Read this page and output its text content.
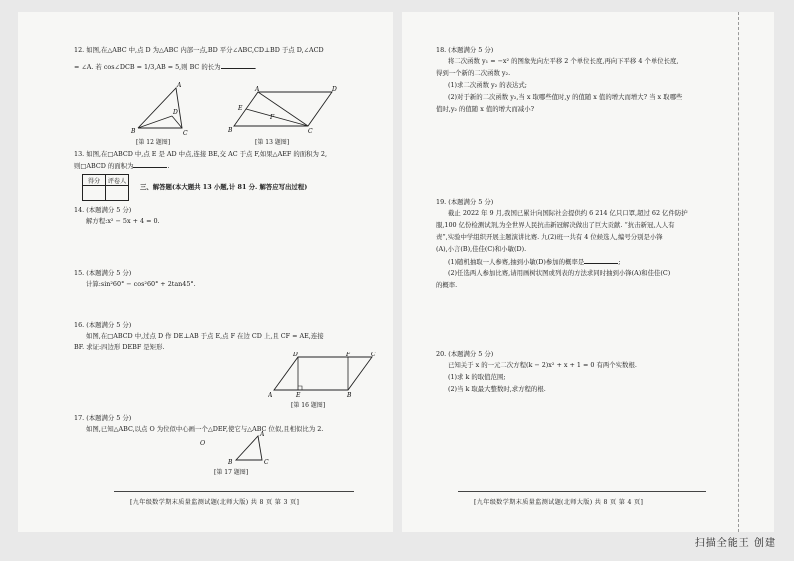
12. 如图,在△ABC 中,点 D 为△ABC 内部一点,BD 平分∠ABC,CD⊥BD 于点 D,∠ACD
= ∠A. 若 cos∠DCB = 1/3,AB = 5,则 BC 的长为	.
A
B	C
D
[第 12 题图]
A	D
B	C
E
F
[第 13 题图]
13. 如图,在□ABCD 中,点 E 是 AD 中点,连接 BE,交 AC 于点 F,如果△AEF 的面积为 2,
则□ABCD 的面积为	.
得分	评卷人

三、解答题(本大题共 13 小题,计 81 分. 解答应写出过程)
14. (本题满分 5 分)
解方程:x² − 5x + 4 = 0.
15. (本题满分 5 分)
计算:sin²60° − cos²60° + 2tan45°.
16. (本题满分 5 分)
如图,在□ABCD 中,过点 D 作 DE⊥AB 于点 E,点 F 在边 CD 上,且 CF = AE,连接
BF. 求证:四边形 DEBF 是矩形.
D	F	C
A	E	B
[第 16 题图]
17. (本题满分 5 分)
如图,已知△ABC,以点 O 为位似中心画一个△DEF,使它与△ABC 位似,且相似比为 2.
O
A
B	C
[第 17 题图]
[九年级数学期末质量监测试题(北师大版) 共 8 页 第 3 页]
18. (本题满分 5 分)
将二次函数 y₁ = −x² 的图象先向左平移 2 个单位长度,再向下平移 4 个单位长度,
得到一个新的二次函数 y₂.
(1)求二次函数 y₂ 的表达式;
(2)对于新的二次函数 y₂,当 x 取哪些值时,y 的值随 x 值的增大而增大? 当 x 取哪些
值时,y₂ 的值随 x 值的增大而减小?
19. (本题满分 5 分)
截止 2022 年 9 月,我国已累计向国际社会提供约 6 214 亿只口罩,超过 62 亿件防护
服,100 亿份检测试剂,为全世界人民抗击新冠解决做出了巨大贡献. “抗击新冠,人人有
责”,实验中学组织开展主题演讲比赛. 九(2)班一共有 4 位候选人,编号分别是小锋
(A),小言(B),佳佳(C)和小敏(D).
(1)随机抽取一人参赛,抽到小敏(D)参加的概率是	;
(2)任选两人参加比赛,请用画树状图或列表的方法求同时抽到小锋(A)和佳佳(C)
的概率.
20. (本题满分 5 分)
已知关于 x 的一元二次方程(k − 2)x² + x + 1 = 0 有两个实数根.
(1)求 k 的取值范围;
(2)当 k 取最大整数时,求方程的根.
[九年级数学期末质量监测试题(北师大版) 共 8 页 第 4 页]
扫描全能王 创建
